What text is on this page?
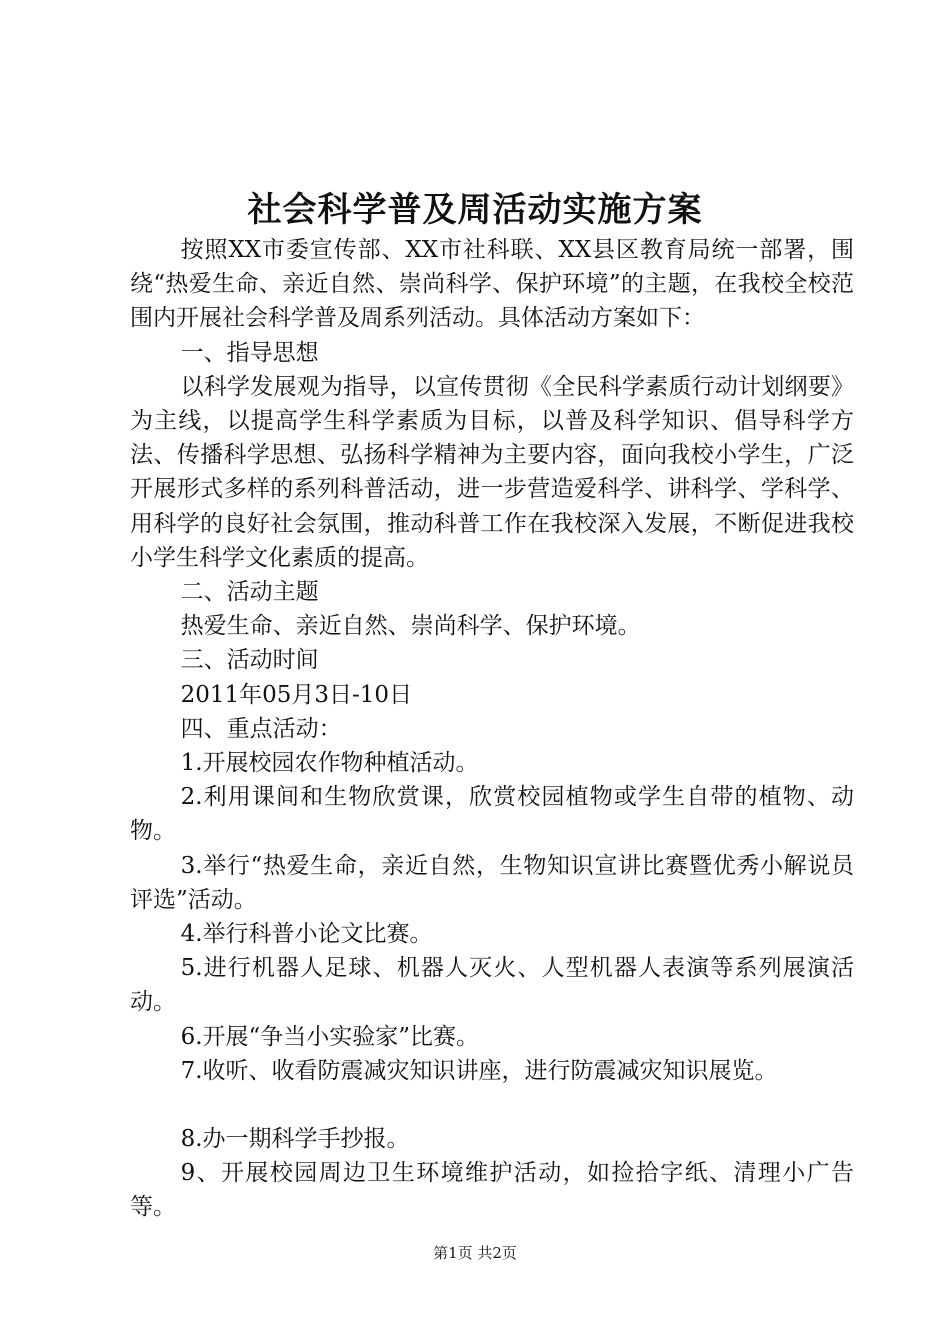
社会科学普及周活动实施方案

按照XX市委宣传部、XX市社科联、XX县区教育局统一部署，围绕“热爱生命、亲近自然、崇尚科学、保护环境”的主题，在我校全校范围内开展社会科学普及周系列活动。具体活动方案如下：

一、指导思想

以科学发展观为指导，以宣传贯彻《全民科学素质行动计划纲要》为主线，以提高学生科学素质为目标，以普及科学知识、倡导科学方法、传播科学思想、弘扬科学精神为主要内容，面向我校小学生，广泛开展形式多样的系列科普活动，进一步营造爱科学、讲科学、学科学、用科学的良好社会氛围，推动科普工作在我校深入发展，不断促进我校小学生科学文化素质的提高。

二、活动主题

热爱生命、亲近自然、崇尚科学、保护环境。

三、活动时间

2011年05月3日-10日

四、重点活动：

1.开展校园农作物种植活动。

2.利用课间和生物欣赏课，欣赏校园植物或学生自带的植物、动物。

3.举行“热爱生命，亲近自然，生物知识宣讲比赛暨优秀小解说员评选”活动。

4.举行科普小论文比赛。

5.进行机器人足球、机器人灭火、人型机器人表演等系列展演活动。

6.开展“争当小实验家”比赛。

7.收听、收看防震减灾知识讲座，进行防震减灾知识展览。

8.办一期科学手抄报。

9、开展校园周边卫生环境维护活动，如捡拾字纸、清理小广告等。

第1页 共2页
